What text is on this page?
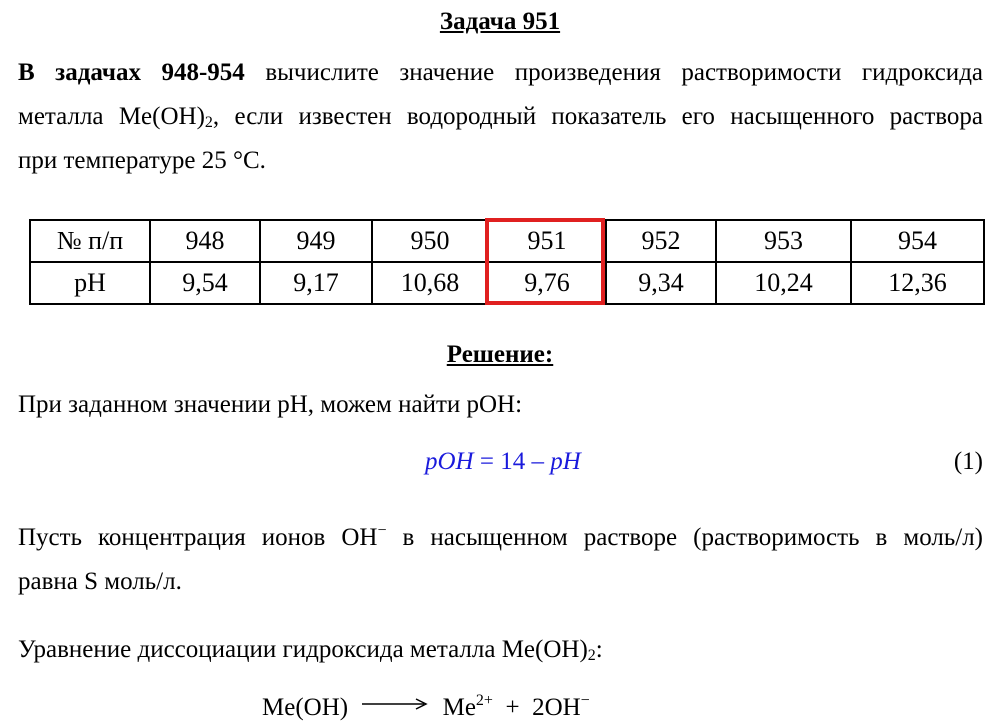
Задача 951
В задачах 948-954 вычислите значение произведения растворимости гидроксида
металла $Me(OH)_2$, если известен водородный показатель его насыщенного раствора
при температуре 25 °С.
№ п/п	948	949	950	951	952	953	954
pH	9,54	9,17	10,68	9,76	9,34	10,24	12,36
Решение:
При заданном значении pH, можем найти pOH:
pOH = 14 – pH	(1)
Пусть концентрация ионов OH− в насыщенном растворе (растворимость в моль/л)
равна S моль/л.
Уравнение диссоциации гидроксида металла $Me(OH)_2$:
$Me(OH) \to Me^{2+} + 2OH^-$
